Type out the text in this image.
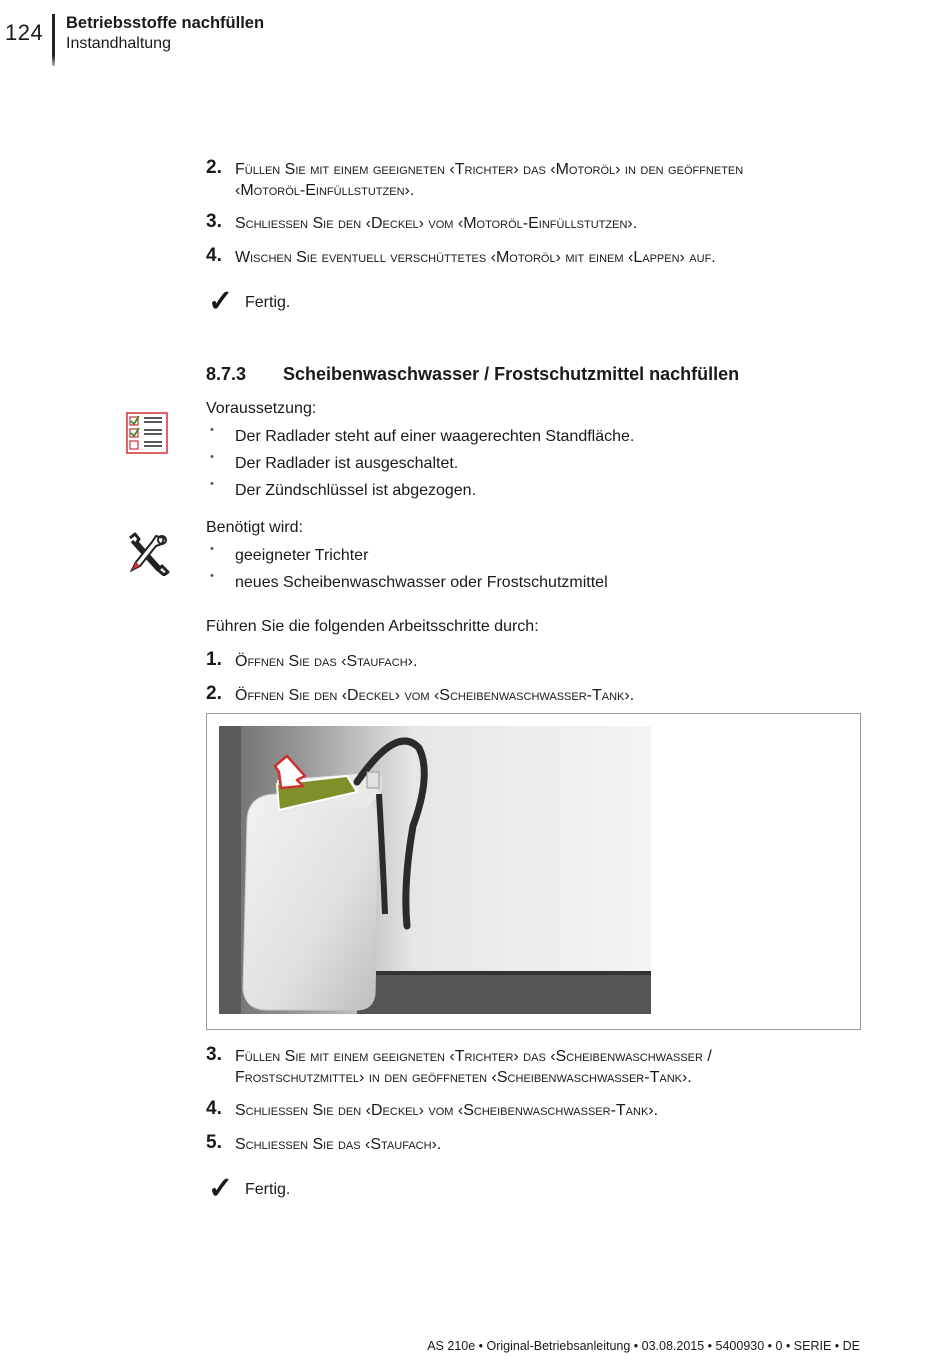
124 Betriebsstoffe nachfüllen
Instandhaltung
2. Füllen Sie mit einem geeigneten ‹Trichter› das ‹Motoröl› in den geöffneten
‹Motoröl-Einfüllstutzen›.
3. Schließen Sie den ‹Deckel› vom ‹Motoröl-Einfüllstutzen›.
4. Wischen Sie eventuell verschüttetes ‹Motoröl› mit einem ‹Lappen› auf.
✓ Fertig.
8.7.3 Scheibenwaschwasser / Frostschutzmittel nachfüllen
Voraussetzung:
• Der Radlader steht auf einer waagerechten Standfläche.
• Der Radlader ist ausgeschaltet.
• Der Zündschlüssel ist abgezogen.
Benötigt wird:
• geeigneter Trichter
• neues Scheibenwaschwasser oder Frostschutzmittel
Führen Sie die folgenden Arbeitsschritte durch:
1. Öffnen Sie das ‹Staufach›.
2. Öffnen Sie den ‹Deckel› vom ‹Scheibenwaschwasser-Tank›.
3. Füllen Sie mit einem geeigneten ‹Trichter› das ‹Scheibenwaschwasser /
Frostschutzmittel› in den geöffneten ‹Scheibenwaschwasser-Tank›.
4. Schließen Sie den ‹Deckel› vom ‹Scheibenwaschwasser-Tank›.
5. Schließen Sie das ‹Staufach›.
✓ Fertig.
AS 210e • Original-Betriebsanleitung • 03.08.2015 • 5400930 • 0 • SERIE • DE
